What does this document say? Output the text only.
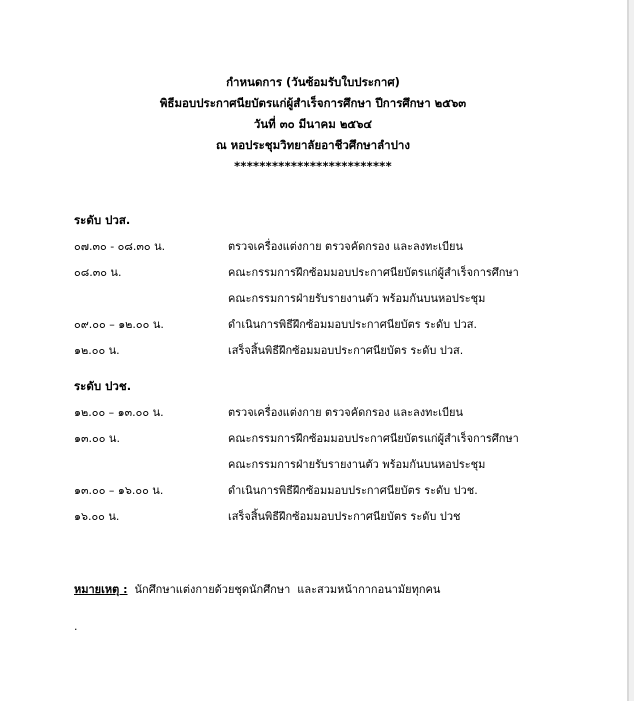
กำหนดการ (วันซ้อมรับใบประกาศ)
พิธีมอบประกาศนียบัตรแก่ผู้สำเร็จการศึกษา ปีการศึกษา ๒๕๖๓
วันที่ ๓๐ มีนาคม ๒๕๖๔
ณ หอประชุมวิทยาลัยอาชีวศึกษาลำปาง
*************************
ระดับ ปวส.
๐๗.๓๐ - ๐๘.๓๐ น.	ตรวจเครื่องแต่งกาย ตรวจคัดกรอง และลงทะเบียน
๐๘.๓๐ น.	คณะกรรมการฝึกซ้อมมอบประกาศนียบัตรแก่ผู้สำเร็จการศึกษา
คณะกรรมการฝ่ายรับรายงานตัว พร้อมกันบนหอประชุม
๐๙.๐๐ – ๑๒.๐๐ น.	ดำเนินการพิธีฝึกซ้อมมอบประกาศนียบัตร ระดับ ปวส.
๑๒.๐๐ น.	เสร็จสิ้นพิธีฝึกซ้อมมอบประกาศนียบัตร ระดับ ปวส.
ระดับ ปวช.
๑๒.๐๐ – ๑๓.๐๐ น.	ตรวจเครื่องแต่งกาย ตรวจคัดกรอง และลงทะเบียน
๑๓.๐๐ น.	คณะกรรมการฝึกซ้อมมอบประกาศนียบัตรแก่ผู้สำเร็จการศึกษา
คณะกรรมการฝ่ายรับรายงานตัว พร้อมกันบนหอประชุม
๑๓.๐๐ – ๑๖.๐๐ น.	ดำเนินการพิธีฝึกซ้อมมอบประกาศนียบัตร ระดับ ปวช.
๑๖.๐๐ น.	เสร็จสิ้นพิธีฝึกซ้อมมอบประกาศนียบัตร ระดับ ปวช
หมายเหตุ :  นักศึกษาแต่งกายด้วยชุดนักศึกษา  และสวมหน้ากากอนามัยทุกคน
.
